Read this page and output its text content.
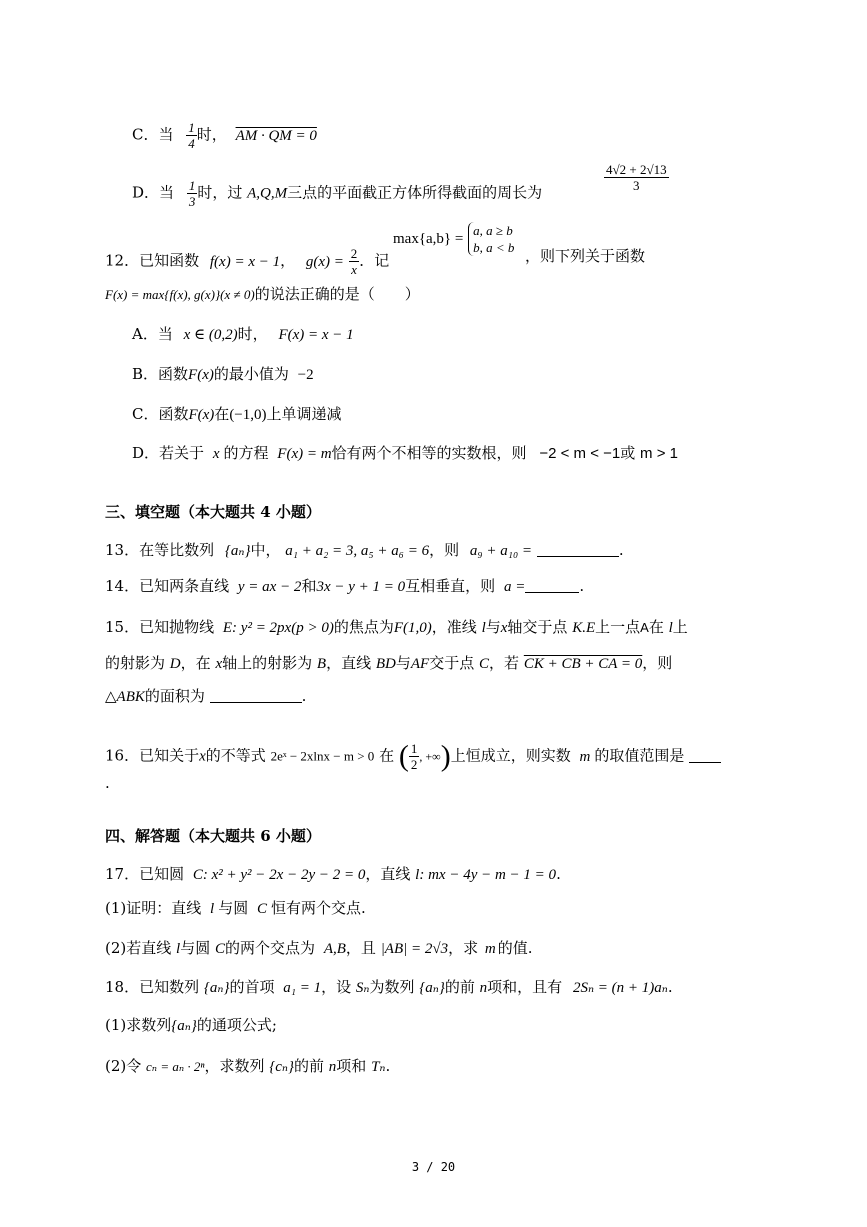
C．当 $\frac{1}{4}$ 时， AM · QM = 0
D．当 $\frac{1}{3}$ 时，过 A,Q,M三点的平面截正方体所得截面的周长为	$\frac{4√2 + 2√13}{3}$
12．已知函数 f(x) = x − 1， $g(x) = \frac{2}{x}$ ．记
max{a,b} =
a, a ≥ b
b, a < b ，则下列关于函数
F(x) = max{f(x), g(x)}(x ≠ 0)的说法正确的是（　　）
A．当 x ∈ (0,2)时， F(x) = x − 1
B．函数F(x)的最小值为 −2
C．函数F(x)在(−1,0)上单调递减
D．若关于 x 的方程 F(x) = m恰有两个不相等的实数根，则 −2 < m < −1或 m > 1
三、填空题（本大题共 4 小题）
13．在等比数列 {aₙ}中， a₁ + a₂ = 3, a₅ + a₆ = 6，则 a₉ + a₁₀ =	.
14．已知两条直线 y = ax − 2和3x − y + 1 = 0互相垂直，则 a =	.
15．已知抛物线 E: y² = 2px(p > 0)的焦点为F(1,0)，准线 l与x轴交于点 K.E上一点A在 l上
的射影为 D，在 x轴上的射影为 B，直线 BD与AF交于点 C，若 CK + CB + CA = 0，则
△ABK的面积为	.
16．已知关于x的不等式 2eˣ − 2xlnx − m > 0 在 ( $\frac{1}{2}$ , +∞)上恒成立，则实数 m 的取值范围是
.
四、解答题（本大题共 6 小题）
17．已知圆 C: x² + y² − 2x − 2y − 2 = 0，直线 l: mx − 4y − m − 1 = 0.
(1)证明：直线 l 与圆 C 恒有两个交点.
(2)若直线 l与圆 C的两个交点为 A,B，且 |AB| = 2√3，求 m 的值.
18．已知数列 {aₙ}的首项 a₁ = 1，设 Sₙ为数列 {aₙ}的前 n项和，且有 2Sₙ = (n + 1)aₙ.
(1)求数列{aₙ}的通项公式;
(2)令 cₙ = aₙ · 2ⁿ，求数列 {cₙ}的前 n项和 Tₙ.
3 / 20
